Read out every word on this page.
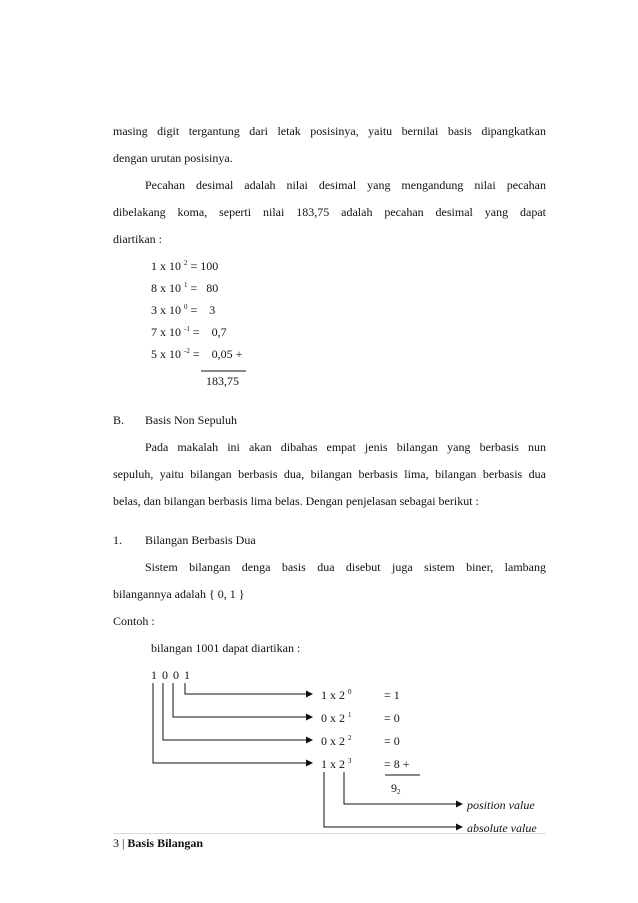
masing digit tergantung dari letak posisinya, yaitu bernilai basis dipangkatkan
dengan urutan posisinya.
Pecahan desimal adalah nilai desimal yang mengandung nilai pecahan
dibelakang koma, seperti nilai 183,75 adalah pecahan desimal yang dapat
diartikan :
1 x 10 $^2$ = 100
8 x 10 $^1$ =   80
3 x 10 $^0$ =    3
7 x 10 $^{-1}$ =    0,7
5 x 10 $^{-2}$ =    0,05 +
183,75
B. Basis Non Sepuluh
Pada makalah ini akan dibahas empat jenis bilangan yang berbasis nun
sepuluh, yaitu bilangan berbasis dua, bilangan berbasis lima, bilangan berbasis dua
belas, dan bilangan berbasis lima belas. Dengan penjelasan sebagai berikut :
1. Bilangan Berbasis Dua
Sistem bilangan denga basis dua disebut juga sistem biner, lambang
bilangannya adalah { 0, 1 }
Contoh :
bilangan 1001 dapat diartikan :
1 0 0 1
1 x 2 $^0$	= 1
0 x 2 $^1$	= 0
0 x 2 $^2$	= 0
1 x 2 $^3$	= 8 +
$9_2$
position value
absolute value
3 | Basis Bilangan
